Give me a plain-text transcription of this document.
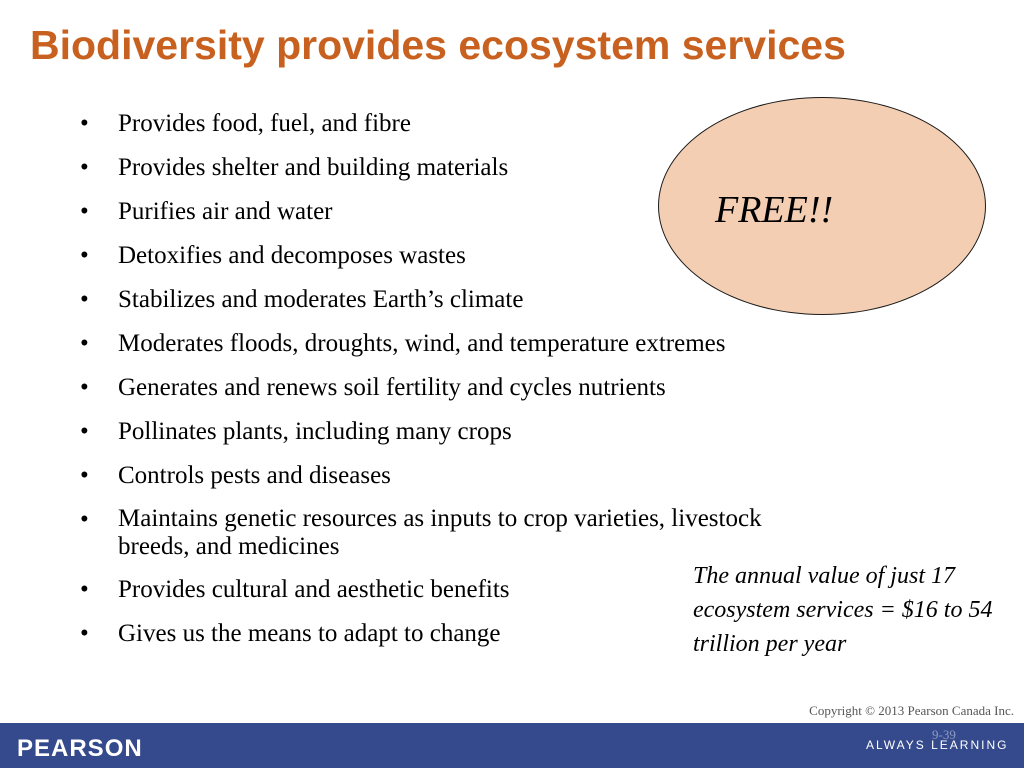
Biodiversity provides ecosystem services
FREE!!
• Provides food, fuel, and fibre
• Provides shelter and building materials
• Purifies air and water
• Detoxifies and decomposes wastes
• Stabilizes and moderates Earth’s climate
• Moderates floods, droughts, wind, and temperature extremes
• Generates and renews soil fertility and cycles nutrients
• Pollinates plants, including many crops
• Controls pests and diseases
• Maintains genetic resources as inputs to crop varieties, livestock breeds, and medicines
• Provides cultural and aesthetic benefits
• Gives us the means to adapt to change
The annual value of just 17 ecosystem services = $16 to 54 trillion per year
Copyright © 2013 Pearson Canada Inc.
PEARSON
9-39
ALWAYS LEARNING
